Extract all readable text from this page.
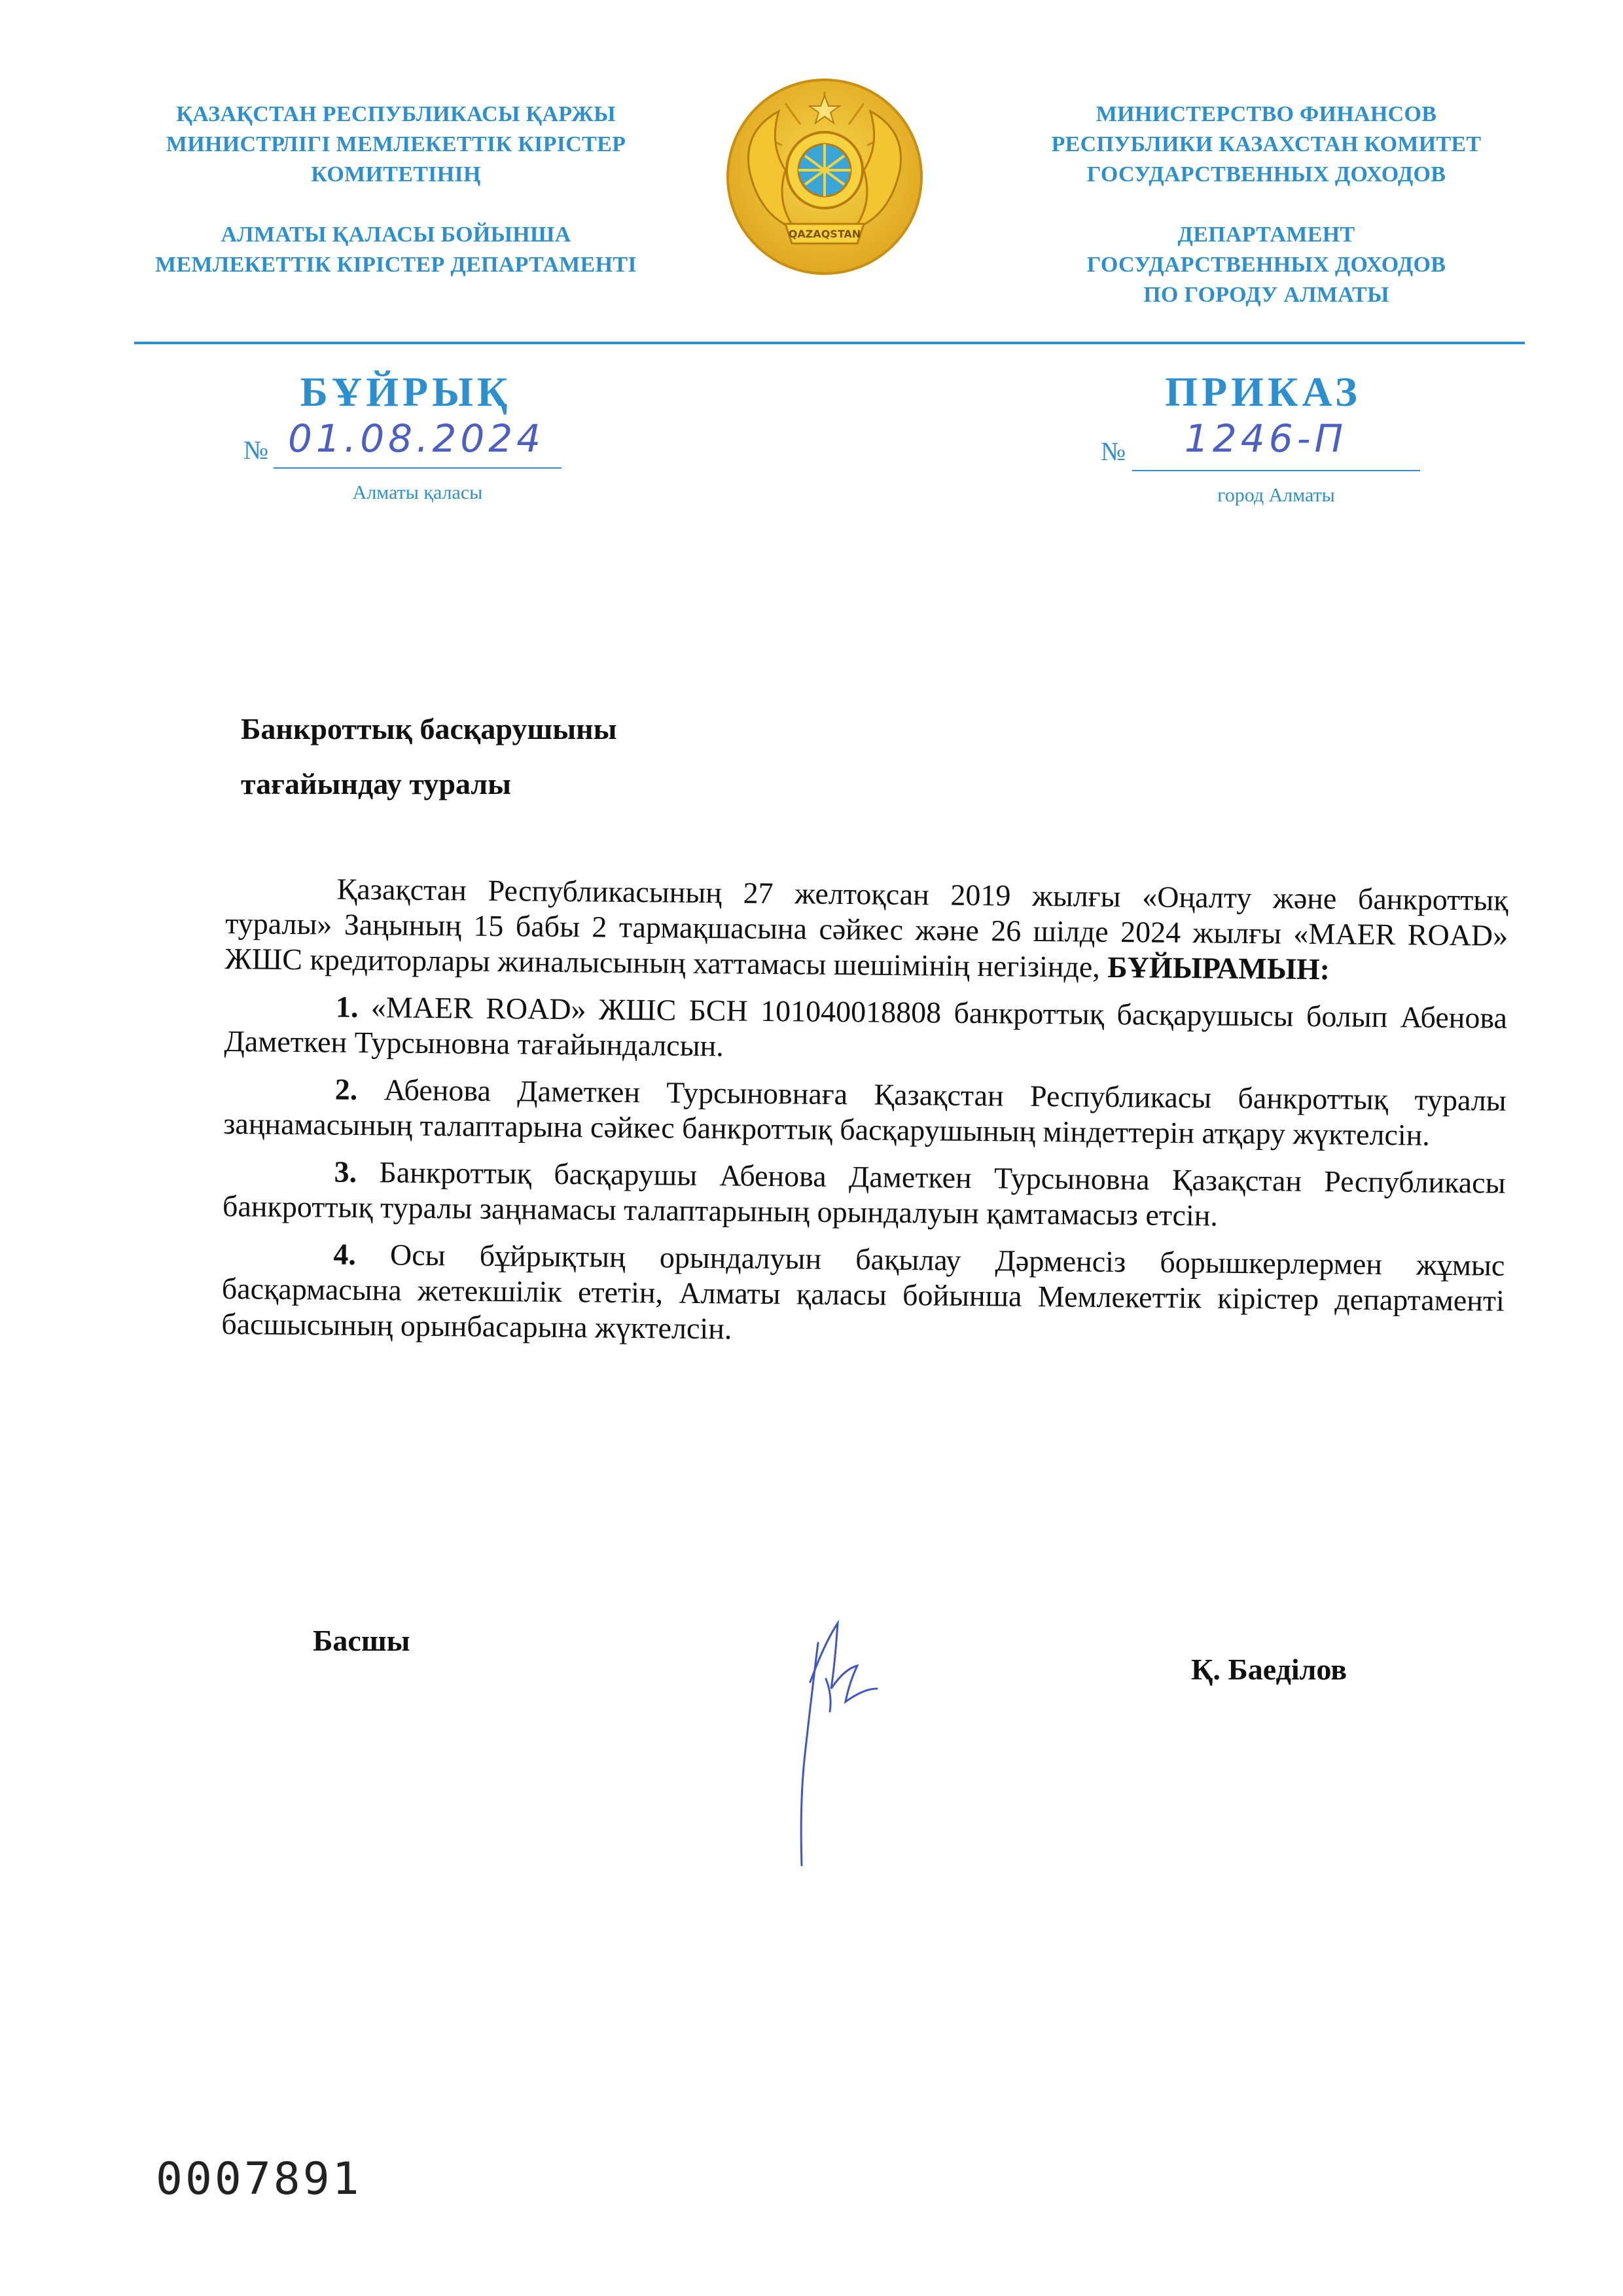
ҚАЗАҚСТАН РЕСПУБЛИКАСЫ ҚАРЖЫ
МИНИСТРЛІГІ МЕМЛЕКЕТТІК КІРІСТЕР
КОМИТЕТІНІҢ
АЛМАТЫ ҚАЛАСЫ БОЙЫНША
МЕМЛЕКЕТТІК КІРІСТЕР ДЕПАРТАМЕНТІ
QAZAQSTAN
МИНИСТЕРСТВО ФИНАНСОВ
РЕСПУБЛИКИ КАЗАХСТАН КОМИТЕТ
ГОСУДАРСТВЕННЫХ ДОХОДОВ
ДЕПАРТАМЕНТ
ГОСУДАРСТВЕННЫХ ДОХОДОВ
ПО ГОРОДУ АЛМАТЫ
БҰЙРЫҚ	ПРИКАЗ
№ 01.08.2024
Алматы қаласы
№ 1246-П
город Алматы
Банкроттық басқарушыны
тағайындау туралы

Қазақстан Республикасының 27 желтоқсан 2019 жылғы «Оңалту және банкроттық туралы» Заңының 15 бабы 2 тармақшасына сәйкес және 26 шілде 2024 жылғы «MAER ROAD» ЖШС кредиторлары жиналысының хаттамасы шешімінің негізінде, БҰЙЫРАМЫН:

1. «MAER ROAD» ЖШС БСН 101040018808 банкроттық басқарушысы болып Абенова Даметкен Турсыновна тағайындалсын.

2. Абенова Даметкен Турсыновнаға Қазақстан Республикасы банкроттық туралы заңнамасының талаптарына сәйкес банкроттық басқарушының міндеттерін атқару жүктелсін.

3. Банкроттық басқарушы Абенова Даметкен Турсыновна Қазақстан Республикасы банкроттық туралы заңнамасы талаптарының орындалуын қамтамасыз етсін.

4. Осы бұйрықтың орындалуын бақылау Дәрменсіз борышкерлермен жұмыс басқармасына жетекшілік ететін, Алматы қаласы бойынша Мемлекеттік кірістер департаменті басшысының орынбасарына жүктелсін.

Басшы
Қ. Баеділов
0007891
